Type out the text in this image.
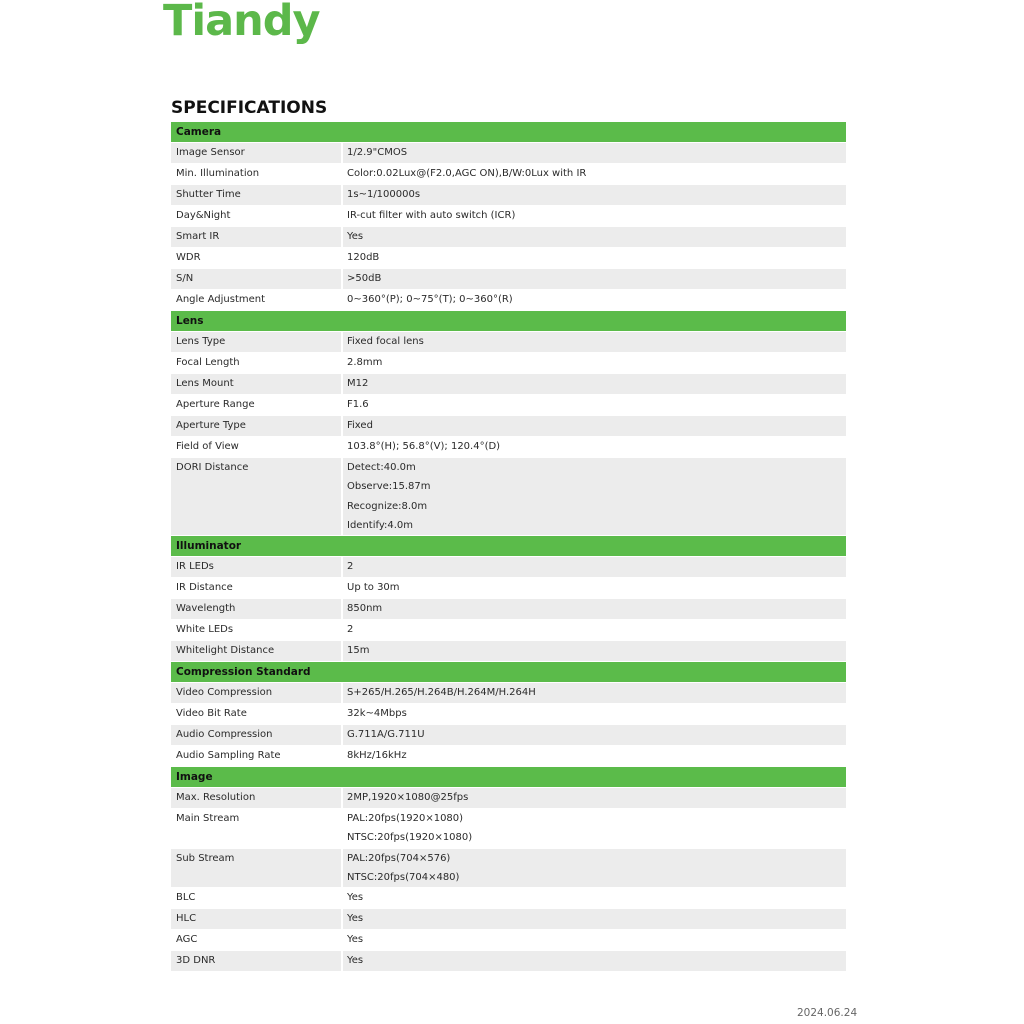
Tiandy
SPECIFICATIONS
Camera
Image Sensor	1/2.9"CMOS
Min. Illumination	Color:0.02Lux@(F2.0,AGC ON),B/W:0Lux with IR
Shutter Time	1s~1/100000s
Day&Night	IR-cut filter with auto switch (ICR)
Smart IR	Yes
WDR	120dB
S/N	>50dB
Angle Adjustment	0~360°(P); 0~75°(T); 0~360°(R)
Lens
Lens Type	Fixed focal lens
Focal Length	2.8mm
Lens Mount	M12
Aperture Range	F1.6
Aperture Type	Fixed
Field of View	103.8°(H); 56.8°(V); 120.4°(D)
DORI Distance	Detect:40.0m
Observe:15.87m
Recognize:8.0m
Identify:4.0m
Illuminator
IR LEDs	2
IR Distance	Up to 30m
Wavelength	850nm
White LEDs	2
Whitelight Distance	15m
Compression Standard
Video Compression	S+265/H.265/H.264B/H.264M/H.264H
Video Bit Rate	32k~4Mbps
Audio Compression	G.711A/G.711U
Audio Sampling Rate	8kHz/16kHz
Image
Max. Resolution	2MP,1920×1080@25fps
Main Stream	PAL:20fps(1920×1080)
NTSC:20fps(1920×1080)
Sub Stream	PAL:20fps(704×576)
NTSC:20fps(704×480)
BLC	Yes
HLC	Yes
AGC	Yes
3D DNR	Yes
2024.06.24
